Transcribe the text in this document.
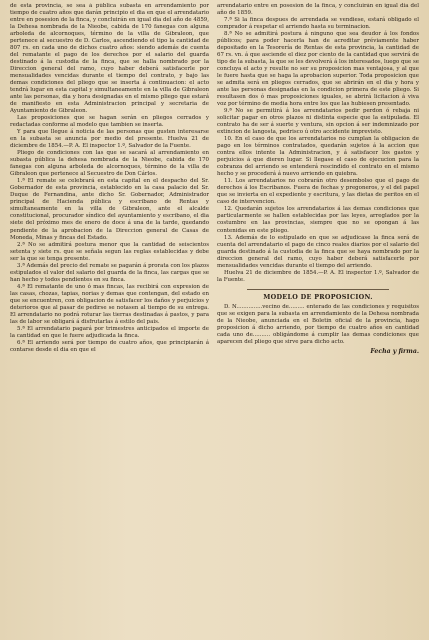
de esta provincia, se sea á pública subasta en arrendamiento por tiempo de cuatro años que darán principio el dia en que el arrendatario entre en posesion de la finca, y concluirán en igual dia del año de 4859, la Dehesa nombrada de la Nieobe, cabida de 170 fanegas con alguna arboleda de alcornoques, término de la villa de Gibraleon, que pertenece al secuestro de D. Carlos, ascendiendo el tipo la cantidad de 807 rs. en cada uno de dichos cuatro años: siendo además de cuenta del rematante el pago de los derechos por el salario del guarda destinado á la custodia de la finca, que se halla nombrado por la Direccion general del ramo, cuyo haber deberá satisfacerle por mensualidades vencidas durante el tiempo del contrato, y bajo las demas condiciones del pliego que se inserta á continuacion: el acto tendrá lugar en esta capital y simultaneamente en la villa de Gibraleon ante las personas, dia y hora designadas en el mismo pliego que estará de manifiesto en esta Administracion principal y secretaria de Ayuntamiento de Gibraleon.

Las proposiciones que se hagan serán en pliegos cerrados y redactadas conforme al modelo que tambien se inserta.

Y para que llegue á noticia de las personas que gusten interesarse en la subasta se anuncia por medio del presente. Huelva 21 de diciembre de 1854.—P. A. El inspector 1.º, Salvador de la Fuente.

Pliego de condiciones con las que se sacará al arrendamiento en subasta pública la dehesa nombrada de la Nieobe, cabida de 170 fanegas con alguna arboleda de alcornoques, término de la villa de Gibraleon que pertenece al Secuestro de Don Cárlos.

1.ª El remate se celebrará en esta capital en el despacho del Sr. Gobernador de esta provincia, establecido en la casa palacio del Sr. Duque de Fernandina, ante dicho Sr. Gobernador, Administrador principal de Hacienda pública y escribano de Rentas y simultaneamente en la villa de Gibraleon, ante el alcalde constitucional, procurador síndico del ayuntamiento y escribano, el dia siete del próximo mes de enero de doce á una de la tarde, quedando pendiente de la aprobacion de la Direccion general de Casas de Moneda, Minas y fincas del Estado.

2.ª No se admitirá postura menor que la cantidad de seiscientos setenta y siete rs. que se señala segun las reglas establecidas y debe ser la que se tenga presente.

3.ª Además del precio del remate se pagarán á prorata con los plazos estipulados el valor del salario del guarda de la finca, las cargas que se han hecho y todos pendientes en su finca.

4.ª El rematante de uno ó mas fincas, las recibirá con expresion de las casas, chozas, tapias, norias y demas que contengan, del estado en que se encuentren, con obligacion de satisfacer los daños y perjuicios y deterioros que al pasar de pedirse se notasen al tiempo de su entrega. El arrendatario no podrá roturar las tierras destinadas á pastos, y para las de labor se obligará á disfrutarlas á estilo del pais.

5.ª El arrendatario pagará por trimestres anticipados el importe de la cantidad en que le fuere adjudicada la finca.

6.ª El arriendo será por tiempo de cuatro años, que principiarán á contarse desde el dia en que el

arrendatario entre en posesion de la finca, y concluirán en igual dia del año de 1859.

7.ª Si la finca despues de arrendada se vendiese, estará obligado el comprador á respetar el arriendo hasta su terminacion.

8.ª No se admitirá postura á ninguno que sea deudor á los fondos públicos; para poder hacerla han de acreditar préviamente haber depositado en la Tesorería de Rentas de esta provincia, la cantidad de 67 rs. vn. á que asciende el diez por ciento de la cantidad que servirá de tipo de la subasta, la que se les devolverá á los interesados, luego que se concluya el acto y resulte no ser su proposicion mas ventajosa, y al que le fuere hasta que se haga la aprobacion superior. Toda proposicion que se admita será en pliegos cerrados, que se abrirán en el dia y hora y ante las personas designadas en la condicion primera de este pliego. Si resultasen dos ó mas proposiciones iguales, se abrirá licitacion á viva voz por término de media hora entre los que las hubiesen presentado.

9.ª No se permitirá á los arrendatarios pedir perdon ó rebaja ni solicitar pagar en otros plazos ni distinta especie que la estipulada. El contrato ha de ser á suerte y ventura, sin opcion á ser indemnizado por extincion de langosta, pedrisco ú otro accidente imprevisto.

10. En el caso de que los arrendatarios no cumplan la obligacion de pago en los términos contratados, quedarán sujetos á la accion que contra ellos intente la Administracion, y á satisfacer los gastos y perjuicios á que dieren lugar. Si llegase el caso de ejecucion para la cobranza del arriendo se entenderá rescindido el contrato en el mismo hecho y se procederá á nuevo arriendo en quiebra.

11. Los arrendatarios no cobrarán otro desembolso que el pago de derechos á los Escribanos. Fuera de fechas y pregoneros, y el del papel que se invierta en el expediente y escritura, y las dietas de peritos en el caso de intervencion.

12. Quedarán sujetos los arrendatarios á las demas condiciones que particularmente se hallen establecidas por las leyes, arreglados por la costumbre en las provincias, siempre que no se opongan á las contenidas en este pliego.

13. Además de lo estipulado en que se adjudicase la finca será de cuenta del arrendatario el pago de cinco reales diarios por el salario del guarda destinado á la custodia de la finca que se haya nombrado por la direccion general del ramo, cuyo haber deberá satisfacerle por mensualidades vencidas durante el tiempo del arriendo.

Huelva 21 de diciembre de 1854.—P. A. El inspector 1.º, Salvador de la Fuente.

MODELO DE PROPOSICION.

D. N...............vecino de......... enterado de las condiciones y requisitos que se exigen para la subasta en arrendamiento de la Dehesa nombrada de la Nieobe, anunciada en el Boletin oficial de la provincia, hago proposicion á dicho arriendo, por tiempo de cuatro años en cantidad cada uno de.......... obligándome á cumplir las demas condiciones que aparecen del pliego que sirve para dicho acto.

Fecha y firma.
